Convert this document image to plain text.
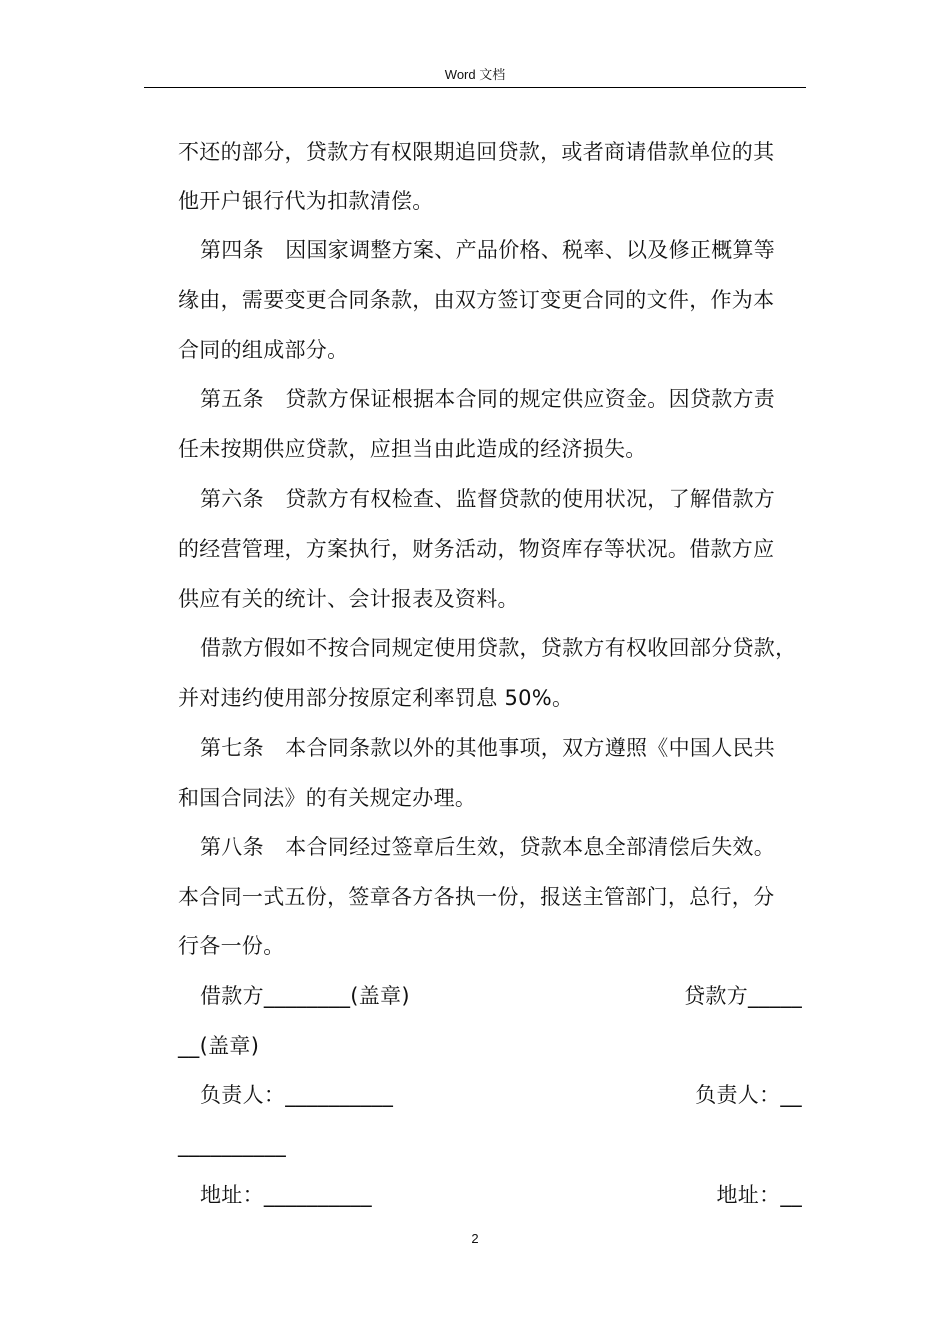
Word 文档
不还的部分，贷款方有权限期追回贷款，或者商请借款单位的其
他开户银行代为扣款清偿。
第四条　因国家调整方案、产品价格、税率、以及修正概算等
缘由，需要变更合同条款，由双方签订变更合同的文件，作为本
合同的组成部分。
第五条　贷款方保证根据本合同的规定供应资金。因贷款方责
任未按期供应贷款，应担当由此造成的经济损失。
第六条　贷款方有权检查、监督贷款的使用状况，了解借款方
的经营管理，方案执行，财务活动，物资库存等状况。借款方应
供应有关的统计、会计报表及资料。
借款方假如不按合同规定使用贷款，贷款方有权收回部分贷款，
并对违约使用部分按原定利率罚息 50%。
第七条　本合同条款以外的其他事项，双方遵照《中国人民共
和国合同法》的有关规定办理。
第八条　本合同经过签章后生效，贷款本息全部清偿后失效。
本合同一式五份，签章各方各执一份，报送主管部门，总行，分
行各一份。
借款方________(盖章)	贷款方_____
__(盖章)
负责人：__________	负责人：__
__________
地址：__________	地址：__
2
